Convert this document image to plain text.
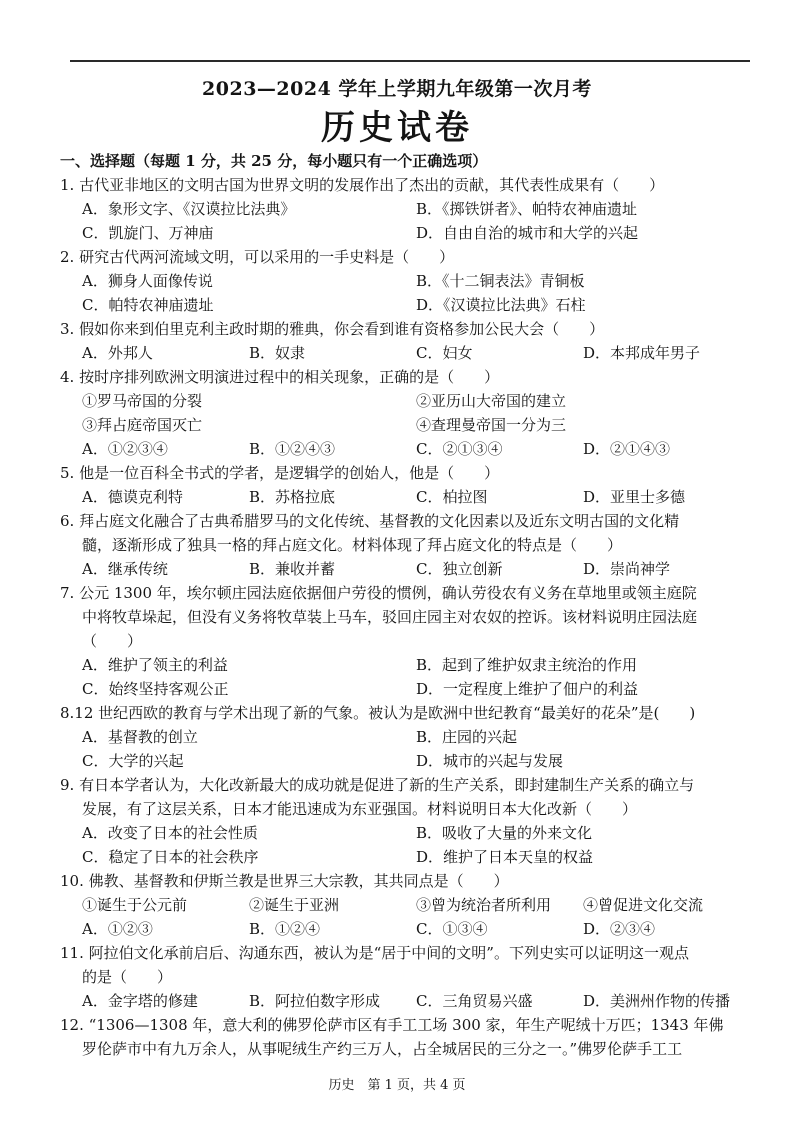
2023—2024 学年上学期九年级第一次月考
历史试卷
一、选择题（每题 1 分，共 25 分，每小题只有一个正确选项）
1. 古代亚非地区的文明古国为世界文明的发展作出了杰出的贡献，其代表性成果有（　　）
A．象形文字、《汉谟拉比法典》	B．《掷铁饼者》、帕特农神庙遗址
C．凯旋门、万神庙	D．自由自治的城市和大学的兴起
2. 研究古代两河流域文明，可以采用的一手史料是（　　）
A．狮身人面像传说	B．《十二铜表法》青铜板
C．帕特农神庙遗址	D．《汉谟拉比法典》石柱
3. 假如你来到伯里克利主政时期的雅典，你会看到谁有资格参加公民大会（　　）
A．外邦人	B．奴隶	C．妇女	D．本邦成年男子
4. 按时序排列欧洲文明演进过程中的相关现象，正确的是（　　）
①罗马帝国的分裂	②亚历山大帝国的建立
③拜占庭帝国灭亡	④查理曼帝国一分为三
A．①②③④	B．①②④③	C．②①③④	D．②①④③
5. 他是一位百科全书式的学者，是逻辑学的创始人，他是（　　）
A．德谟克利特	B．苏格拉底	C．柏拉图	D．亚里士多德
6. 拜占庭文化融合了古典希腊罗马的文化传统、基督教的文化因素以及近东文明古国的文化精
髓，逐渐形成了独具一格的拜占庭文化。材料体现了拜占庭文化的特点是（　　）
A．继承传统	B．兼收并蓄	C．独立创新	D．崇尚神学
7. 公元 1300 年，埃尔顿庄园法庭依据佃户劳役的惯例，确认劳役农有义务在草地里或领主庭院
中将牧草垛起，但没有义务将牧草装上马车，驳回庄园主对农奴的控诉。该材料说明庄园法庭
（　　）
A．维护了领主的利益	B．起到了维护奴隶主统治的作用
C．始终坚持客观公正	D．一定程度上维护了佃户的利益
8.12 世纪西欧的教育与学术出现了新的气象。被认为是欧洲中世纪教育“最美好的花朵”是(　　)
A．基督教的创立	B．庄园的兴起
C．大学的兴起	D．城市的兴起与发展
9. 有日本学者认为，大化改新最大的成功就是促进了新的生产关系，即封建制生产关系的确立与
发展，有了这层关系，日本才能迅速成为东亚强国。材料说明日本大化改新（　　）
A．改变了日本的社会性质	B．吸收了大量的外来文化
C．稳定了日本的社会秩序	D．维护了日本天皇的权益
10. 佛教、基督教和伊斯兰教是世界三大宗教，其共同点是（　　）
①诞生于公元前	②诞生于亚洲	③曾为统治者所利用	④曾促进文化交流
A．①②③	B．①②④	C．①③④	D．②③④
11. 阿拉伯文化承前启后、沟通东西，被认为是“居于中间的文明”。下列史实可以证明这一观点
的是（　　）
A．金字塔的修建	B．阿拉伯数字形成	C．三角贸易兴盛	D．美洲州作物的传播
12. “1306—1308 年，意大利的佛罗伦萨市区有手工工场 300 家，年生产呢绒十万匹；1343 年佛
罗伦萨市中有九万余人，从事呢绒生产约三万人，占全城居民的三分之一。”佛罗伦萨手工工
历史　第 1 页，共 4 页
